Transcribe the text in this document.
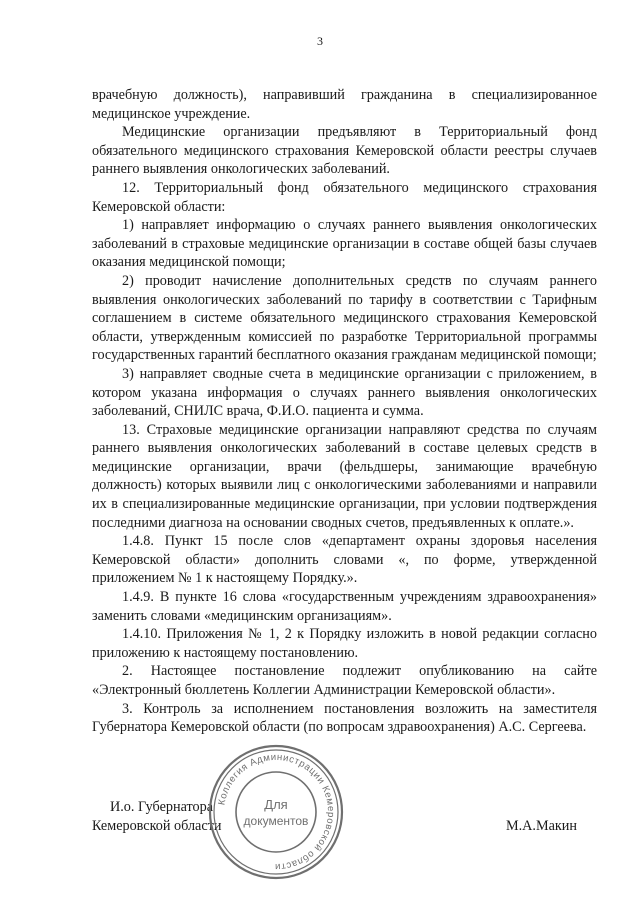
3

врачебную должность), направивший гражданина в специализированное медицинское учреждение.

Медицинские организации предъявляют в Территориальный фонд обязательного медицинского страхования Кемеровской области реестры случаев раннего выявления онкологических заболеваний.

12. Территориальный фонд обязательного медицинского страхования Кемеровской области:

1) направляет информацию о случаях раннего выявления онкологических заболеваний в страховые медицинские организации в составе общей базы случаев оказания медицинской помощи;

2) проводит начисление дополнительных средств по случаям раннего выявления онкологических заболеваний по тарифу в соответствии с Тарифным соглашением в системе обязательного медицинского страхования Кемеровской области, утвержденным комиссией по разработке Территориальной программы государственных гарантий бесплатного оказания гражданам медицинской помощи;

3) направляет сводные счета в медицинские организации с приложением, в котором указана информация о случаях раннего выявления онкологических заболеваний, СНИЛС врача, Ф.И.О. пациента и сумма.

13. Страховые медицинские организации направляют средства по случаям раннего выявления онкологических заболеваний в составе целевых средств в медицинские организации, врачи (фельдшеры, занимающие врачебную должность) которых выявили лиц с онкологическими заболеваниями и направили их в специализированные медицинские организации, при условии подтверждения последними диагноза на основании сводных счетов, предъявленных к оплате.».

1.4.8. Пункт 15 после слов «департамент охраны здоровья населения Кемеровской области» дополнить словами «, по форме, утвержденной приложением № 1 к настоящему Порядку.».

1.4.9. В пункте 16 слова «государственным учреждениям здравоохранения» заменить словами «медицинским организациям».

1.4.10. Приложения № 1, 2 к Порядку изложить в новой редакции согласно приложению к настоящему постановлению.

2. Настоящее постановление подлежит опубликованию на сайте «Электронный бюллетень Коллегии Администрации Кемеровской области».

3. Контроль за исполнением постановления возложить на заместителя Губернатора Кемеровской области (по вопросам здравоохранения) А.С. Сергеева.

И.о. Губернатора
Кемеровской области	М.А.Макин
Коллегия Администрации Кемеровской области
Для
документов
